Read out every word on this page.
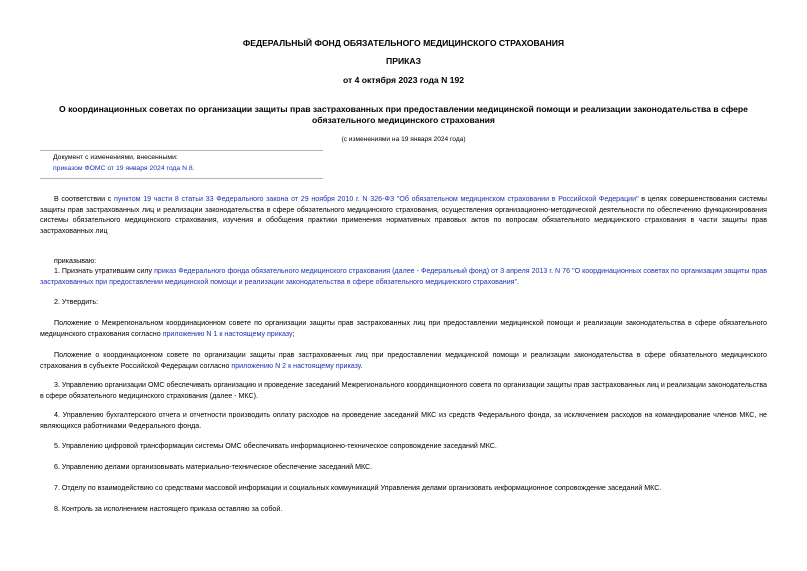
ФЕДЕРАЛЬНЫЙ ФОНД ОБЯЗАТЕЛЬНОГО МЕДИЦИНСКОГО СТРАХОВАНИЯ
ПРИКАЗ
от 4 октября 2023 года N 192
О координационных советах по организации защиты прав застрахованных при предоставлении медицинской помощи и реализации законодательства в сфере обязательного медицинского страхования
(с изменениями на 19 января 2024 года)
Документ с изменениями, внесенными:
приказом ФОМС от 19 января 2024 года N 8.
В соответствии с пунктом 19 части 8 статьи 33 Федерального закона от 29 ноября 2010 г. N 326-ФЗ "Об обязательном медицинском страховании в Российской Федерации" в целях совершенствования системы защиты прав застрахованных лиц и реализации законодательства в сфере обязательного медицинского страхования, осуществления организационно-методической деятельности по обеспечению функционирования системы обязательного медицинского страхования, изучения и обобщения практики применения нормативных правовых актов по вопросам обязательного медицинского страхования в части защиты прав застрахованных лиц
приказываю:
1. Признать утратившим силу приказ Федерального фонда обязательного медицинского страхования (далее - Федеральный фонд) от 3 апреля 2013 г. N 76 "О координационных советах по организации защиты прав застрахованных при предоставлении медицинской помощи и реализации законодательства в сфере обязательного медицинского страхования".
2. Утвердить:
Положение о Межрегиональном координационном совете по организации защиты прав застрахованных лиц при предоставлении медицинской помощи и реализации законодательства в сфере обязательного медицинского страхования согласно приложению N 1 к настоящему приказу;
Положение о координационном совете по организации защиты прав застрахованных лиц при предоставлении медицинской помощи и реализации законодательства в сфере обязательного медицинского страхования в субъекте Российской Федерации согласно приложению N 2 к настоящему приказу.
3. Управлению организации ОМС обеспечивать организацию и проведение заседаний Межрегионального координационного совета по организации защиты прав застрахованных лиц и реализации законодательства в сфере обязательного медицинского страхования (далее - МКС).
4. Управлению бухгалтерского отчета и отчетности производить оплату расходов на проведение заседаний МКС из средств Федерального фонда, за исключением расходов на командирование членов МКС, не являющихся работниками Федерального фонда.
5. Управлению цифровой трансформации системы ОМС обеспечивать информационно-техническое сопровождение заседаний МКС.
6. Управлению делами организовывать материально-техническое обеспечение заседаний МКС.
7. Отделу по взаимодействию со средствами массовой информации и социальных коммуникаций Управления делами организовать информационное сопровождение заседаний МКС.
8. Контроль за исполнением настоящего приказа оставляю за собой.
